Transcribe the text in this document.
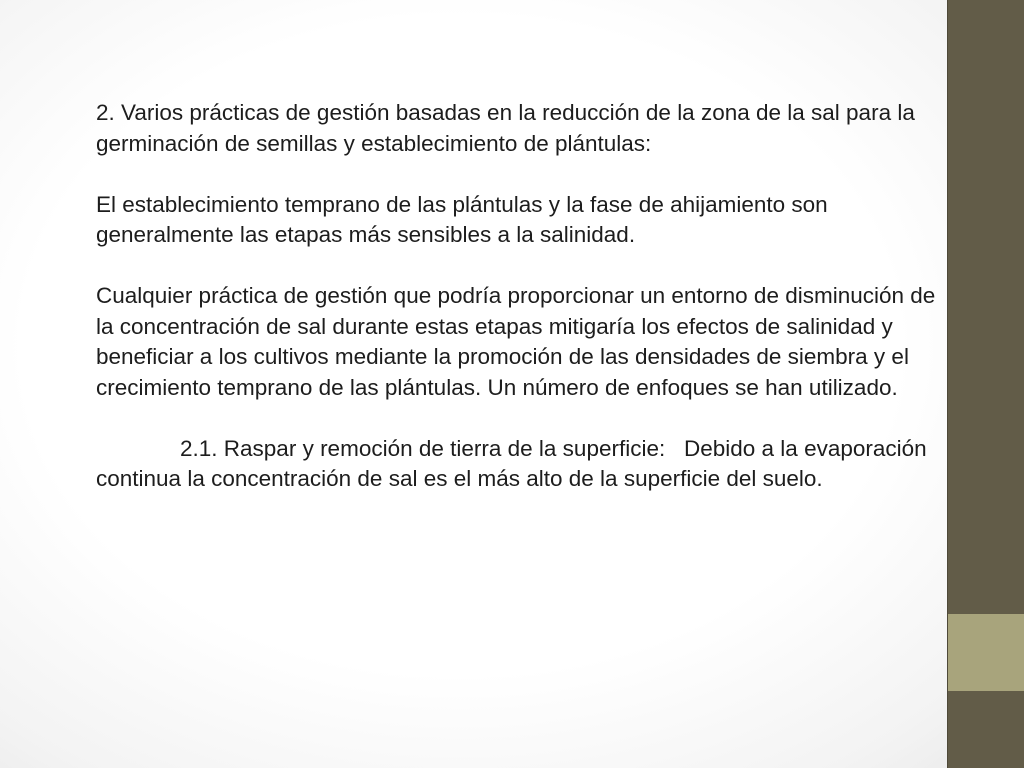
2. Varios prácticas de gestión basadas en la reducción de la zona de la sal para la germinación de semillas y establecimiento de plántulas:

El establecimiento temprano de las plántulas y la fase de ahijamiento son generalmente las etapas más sensibles a la salinidad.

Cualquier práctica de gestión que podría proporcionar un entorno de disminución de la concentración de sal durante estas etapas mitigaría los efectos de salinidad y beneficiar a los cultivos mediante la promoción de las densidades de siembra y el crecimiento temprano de las plántulas. Un número de enfoques se han utilizado.

2.1. Raspar y remoción de tierra de la superficie:   Debido a la evaporación continua la concentración de sal es el más alto de la superficie del suelo.
